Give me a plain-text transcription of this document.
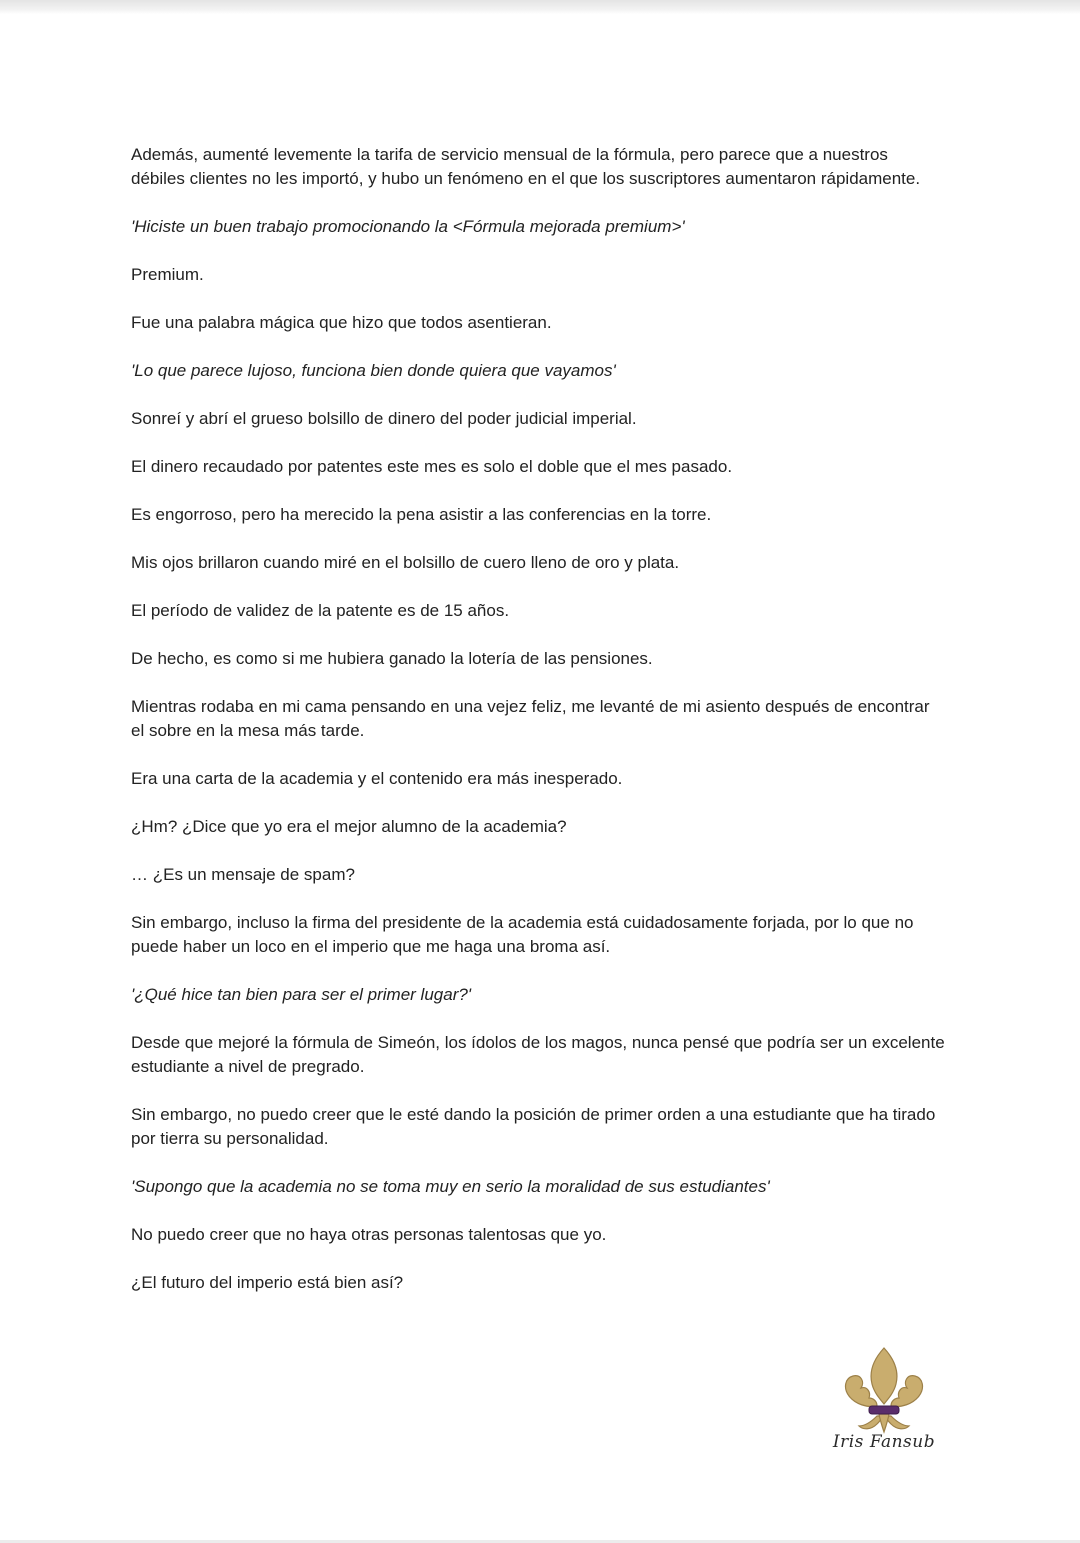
Además, aumenté levemente la tarifa de servicio mensual de la fórmula, pero parece que a nuestros débiles clientes no les importó, y hubo un fenómeno en el que los suscriptores aumentaron rápidamente.

'Hiciste un buen trabajo promocionando la <Fórmula mejorada premium>'

Premium.

Fue una palabra mágica que hizo que todos asentieran.

'Lo que parece lujoso, funciona bien donde quiera que vayamos'

Sonreí y abrí el grueso bolsillo de dinero del poder judicial imperial.

El dinero recaudado por patentes este mes es solo el doble que el mes pasado.

Es engorroso, pero ha merecido la pena asistir a las conferencias en la torre.

Mis ojos brillaron cuando miré en el bolsillo de cuero lleno de oro y plata.

El período de validez de la patente es de 15 años.

De hecho, es como si me hubiera ganado la lotería de las pensiones.

Mientras rodaba en mi cama pensando en una vejez feliz, me levanté de mi asiento después de encontrar el sobre en la mesa más tarde.

Era una carta de la academia y el contenido era más inesperado.

¿Hm? ¿Dice que yo era el mejor alumno de la academia?

… ¿Es un mensaje de spam?

Sin embargo, incluso la firma del presidente de la academia está cuidadosamente forjada, por lo que no puede haber un loco en el imperio que me haga una broma así.

'¿Qué hice tan bien para ser el primer lugar?'

Desde que mejoré la fórmula de Simeón, los ídolos de los magos, nunca pensé que podría ser un excelente estudiante a nivel de pregrado.

Sin embargo, no puedo creer que le esté dando la posición de primer orden a una estudiante que ha tirado por tierra su personalidad.

'Supongo que la academia no se toma muy en serio la moralidad de sus estudiantes'

No puedo creer que no haya otras personas talentosas que yo.

¿El futuro del imperio está bien así?

Iris Fansub
